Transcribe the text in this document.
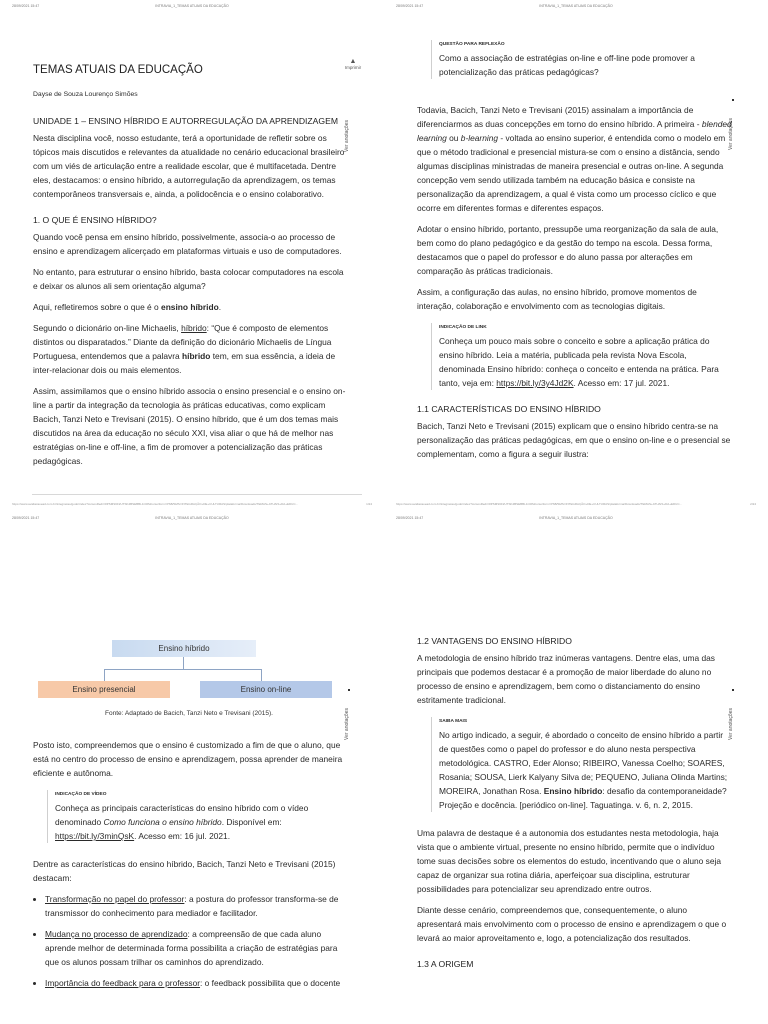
28/09/2021 15:47	INTRAVIA_1_TEMAS ATUAIS DA EDUCAÇÃO
▲
Imprimir
Ver anotações
TEMAS ATUAIS DA EDUCAÇÃO
Dayse de Souza Lourenço Simões
UNIDADE 1 – ENSINO HÍBRIDO E AUTORREGULAÇÃO DA APRENDIZAGEM

Nesta disciplina você, nosso estudante, terá a oportunidade de refletir sobre os tópicos mais discutidos e relevantes da atualidade no cenário educacional brasileiro com um viés de articulação entre a realidade escolar, que é multifacetada. Dentre eles, destacamos: o ensino híbrido, a autorregulação da aprendizagem, os temas contemporâneos transversais e, ainda, a polidocência e o ensino colaborativo.

1. O QUE É ENSINO HÍBRIDO?

Quando você pensa em ensino híbrido, possivelmente, associa-o ao processo de ensino e aprendizagem alicerçado em plataformas virtuais e uso de computadores.

No entanto, para estruturar o ensino híbrido, basta colocar computadores na escola e deixar os alunos ali sem orientação alguma?

Aqui, refletiremos sobre o que é o ensino híbrido.

Segundo o dicionário on-line Michaelis, híbrido: “Que é composto de elementos distintos ou disparatados.” Diante da definição do dicionário Michaelis de Língua Portuguesa, entendemos que a palavra híbrido tem, em sua essência, a ideia de inter-relacionar dois ou mais elementos.

Assim, assimilamos que o ensino híbrido associa o ensino presencial e o ensino on-line a partir da integração da tecnologia às práticas educativas, como explicam Bacich, Tanzi Neto e Trevisani (2015). O ensino híbrido, que é um dos temas mais discutidos na área da educação no século XXI, visa aliar o que há de melhor nas estratégias on-line e off-line, a fim de promover a potencialização das práticas pedagógicas.

https://www.avaliacaoead.com.br/integracao/godo/index?cursosRedi=RPSMS6F2UTSK4BSEBBL1C0IMcurso/form=PSB/SMS=INTEGRAÇÃO+DE+CULTURAS/plataforma/Downloads/TEMAS+ATUAIS+DA+EDUC...	1/24
28/09/2021 15:47	INTRAVIA_1_TEMAS ATUAIS DA EDUCAÇÃO
Ver anotações
QUESTÃO PARA REFLEXÃO
Como a associação de estratégias on-line e off-line pode promover a potencialização das práticas pedagógicas?

Todavia, Bacich, Tanzi Neto e Trevisani (2015) assinalam a importância de diferenciarmos as duas concepções em torno do ensino híbrido. A primeira - blended learning ou b-learning - voltada ao ensino superior, é entendida como o modelo em que o método tradicional e presencial mistura-se com o ensino a distância, sendo algumas disciplinas ministradas de maneira presencial e outras on-line. A segunda concepção vem sendo utilizada também na educação básica e consiste na personalização da aprendizagem, a qual é vista como um processo cíclico e que ocorre em diferentes formas e diferentes espaços.

Adotar o ensino híbrido, portanto, pressupõe uma reorganização da sala de aula, bem como do plano pedagógico e da gestão do tempo na escola. Dessa forma, destacamos que o papel do professor e do aluno passa por alterações em comparação às práticas tradicionais.

Assim, a configuração das aulas, no ensino híbrido, promove momentos de interação, colaboração e envolvimento com as tecnologias digitais.

INDICAÇÃO DE LINK
Conheça um pouco mais sobre o conceito e sobre a aplicação prática do ensino híbrido. Leia a matéria, publicada pela revista Nova Escola, denominada Ensino híbrido: conheça o conceito e entenda na prática. Para tanto, veja em: https://bit.ly/3y4Jd2K. Acesso em: 17 jul. 2021.
1.1 CARACTERÍSTICAS DO ENSINO HÍBRIDO

Bacich, Tanzi Neto e Trevisani (2015) explicam que o ensino híbrido centra-se na personalização das práticas pedagógicas, em que o ensino on-line e o presencial se complementam, como a figura a seguir ilustra:

https://www.avaliacaoead.com.br/integracao/godo/index?cursosRedi=RPSMS6F2UTSK4BSEBBL1C0IMcurso/form=PSB/SMS=INTEGRAÇÃO+DE+CULTURAS/plataforma/Downloads/TEMAS+ATUAIS+DA+EDUC...	2/24
28/09/2021 15:47	INTRAVIA_1_TEMAS ATUAIS DA EDUCAÇÃO
Ver anotações
Ensino híbrido
Ensino presencial	Ensino on-line
Fonte: Adaptado de Bacich, Tanzi Neto e Trevisani (2015).

Posto isto, compreendemos que o ensino é customizado a fim de que o aluno, que está no centro do processo de ensino e aprendizagem, possa aprender de maneira eficiente e autônoma.

INDICAÇÃO DE VÍDEO
Conheça as principais características do ensino híbrido com o vídeo denominado Como funciona o ensino híbrido. Disponível em: https://bit.ly/3minQsK. Acesso em: 16 jul. 2021.

Dentre as características do ensino híbrido, Bacich, Tanzi Neto e Trevisani (2015) destacam:

• Transformação no papel do professor: a postura do professor transforma-se de transmissor do conhecimento para mediador e facilitador.
• Mudança no processo de aprendizado: a compreensão de que cada aluno aprende melhor de determinada forma possibilita a criação de estratégias para que os alunos possam trilhar os caminhos do aprendizado.
• Importância do feedback para o professor: o feedback possibilita que o docente
28/09/2021 15:47	INTRAVIA_1_TEMAS ATUAIS DA EDUCAÇÃO
Ver anotações
1.2 VANTAGENS DO ENSINO HÍBRIDO

A metodologia de ensino híbrido traz inúmeras vantagens. Dentre elas, uma das principais que podemos destacar é a promoção de maior liberdade do aluno no processo de ensino e aprendizagem, bem como o distanciamento do ensino estritamente tradicional.

SAIBA MAIS
No artigo indicado, a seguir, é abordado o conceito de ensino híbrido a partir de questões como o papel do professor e do aluno nesta perspectiva metodológica. CASTRO, Eder Alonso; RIBEIRO, Vanessa Coelho; SOARES, Rosania; SOUSA, Lierk Kalyany Silva de; PEQUENO, Juliana Olinda Martins; MOREIRA, Jonathan Rosa. Ensino híbrido: desafio da contemporaneidade? Projeção e docência. [periódico on-line]. Taguatinga. v. 6, n. 2, 2015.

Uma palavra de destaque é a autonomia dos estudantes nesta metodologia, haja vista que o ambiente virtual, presente no ensino híbrido, permite que o indivíduo tome suas decisões sobre os elementos do estudo, incentivando que o aluno seja capaz de organizar sua rotina diária, aperfeiçoar sua disciplina, estruturar possibilidades para potencializar seu aprendizado entre outros.

Diante desse cenário, compreendemos que, consequentemente, o aluno apresentará mais envolvimento com o processo de ensino e aprendizagem o que o levará ao maior aproveitamento e, logo, a potencialização dos resultados.

1.3 A ORIGEM
